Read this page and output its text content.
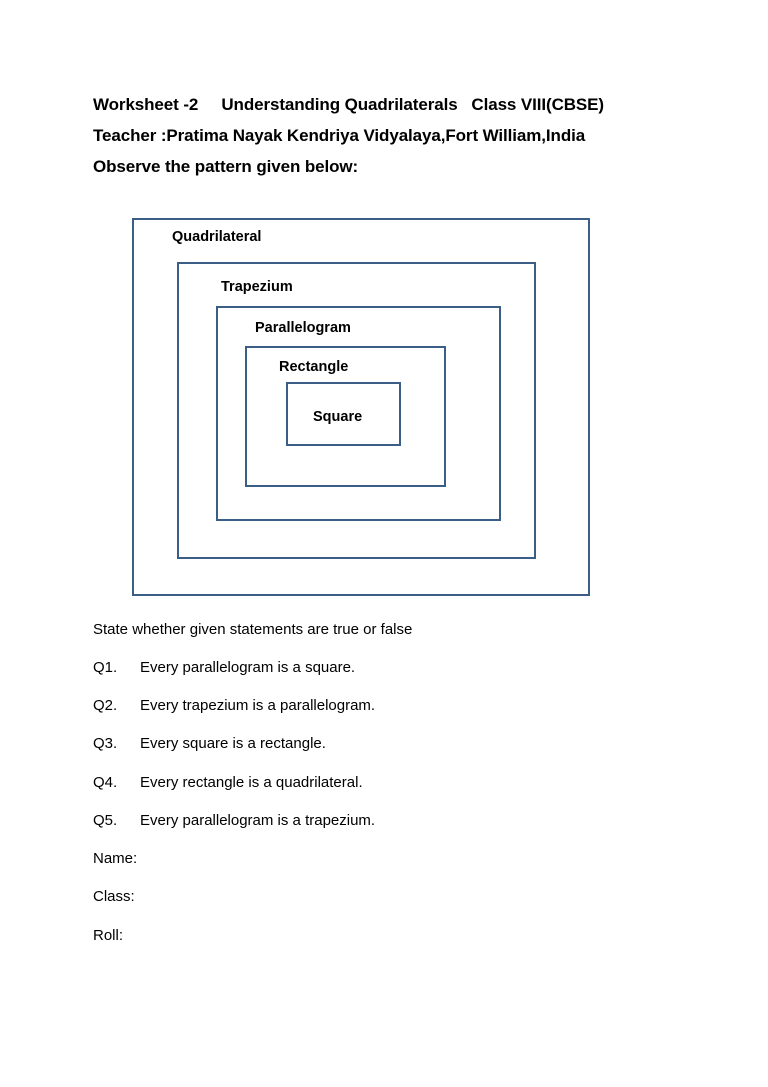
Worksheet -2     Understanding Quadrilaterals   Class VIII(CBSE)

Teacher :Pratima Nayak Kendriya Vidyalaya,Fort William,India

Observe the pattern given below:

Quadrilateral
Trapezium
Parallelogram
Rectangle
Square

State whether given statements are true or false

Q1. Every parallelogram is a square.
Q2. Every trapezium is a parallelogram.
Q3. Every square is a rectangle.
Q4. Every rectangle is a quadrilateral.
Q5. Every parallelogram is a trapezium.

Name:

Class:

Roll:
